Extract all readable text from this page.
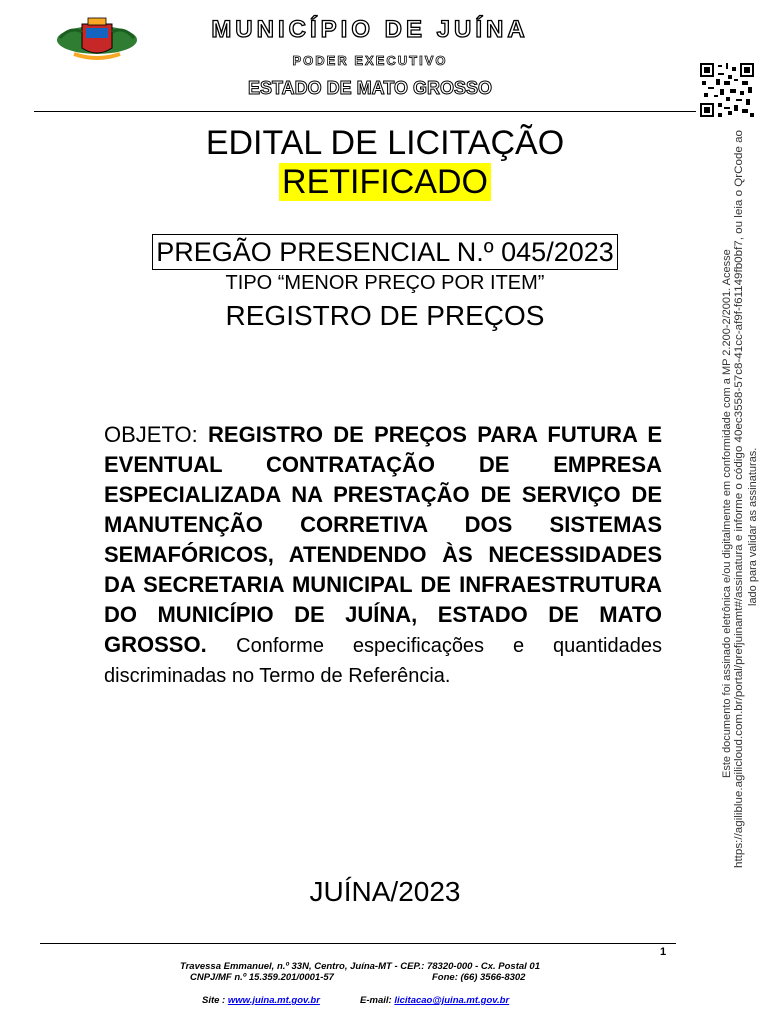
MUNICÍPIO DE JUÍNA
PODER EXECUTIVO
ESTADO DE MATO GROSSO
EDITAL DE LICITAÇÃO
RETIFICADO
PREGÃO PRESENCIAL N.º 045/2023
TIPO “MENOR PREÇO POR ITEM”
REGISTRO DE PREÇOS
OBJETO: REGISTRO DE PREÇOS PARA FUTURA E EVENTUAL CONTRATAÇÃO DE EMPRESA ESPECIALIZADA NA PRESTAÇÃO DE SERVIÇO DE MANUTENÇÃO CORRETIVA DOS SISTEMAS SEMAFÓRICOS, ATENDENDO ÀS NECESSIDADES DA SECRETARIA MUNICIPAL DE INFRAESTRUTURA DO MUNICÍPIO DE JUÍNA, ESTADO DE MATO GROSSO. Conforme especificações e quantidades discriminadas no Termo de Referência.	Este documento foi assinado eletrônica e/ou digitalmente em conformidade com a MP 2.200-2/2001. Acesse https://agiliblue.agilicloud.com.br/portal/prefjuinamt#/assinatura e informe o código 40ec3558-57c8-41cc-af9f-f61149fb0bf7, ou leia o QrCode ao lado para validar as assinaturas.
JUÍNA/2023
1
Travessa Emmanuel, n.º 33N, Centro, Juína-MT - CEP.: 78320-000 - Cx. Postal 01
CNPJ/MF n.º 15.359.201/0001-57	Fone: (66) 3566-8302
Site : www.juina.mt.gov.br	E-mail: licitacao@juina.mt.gov.br
